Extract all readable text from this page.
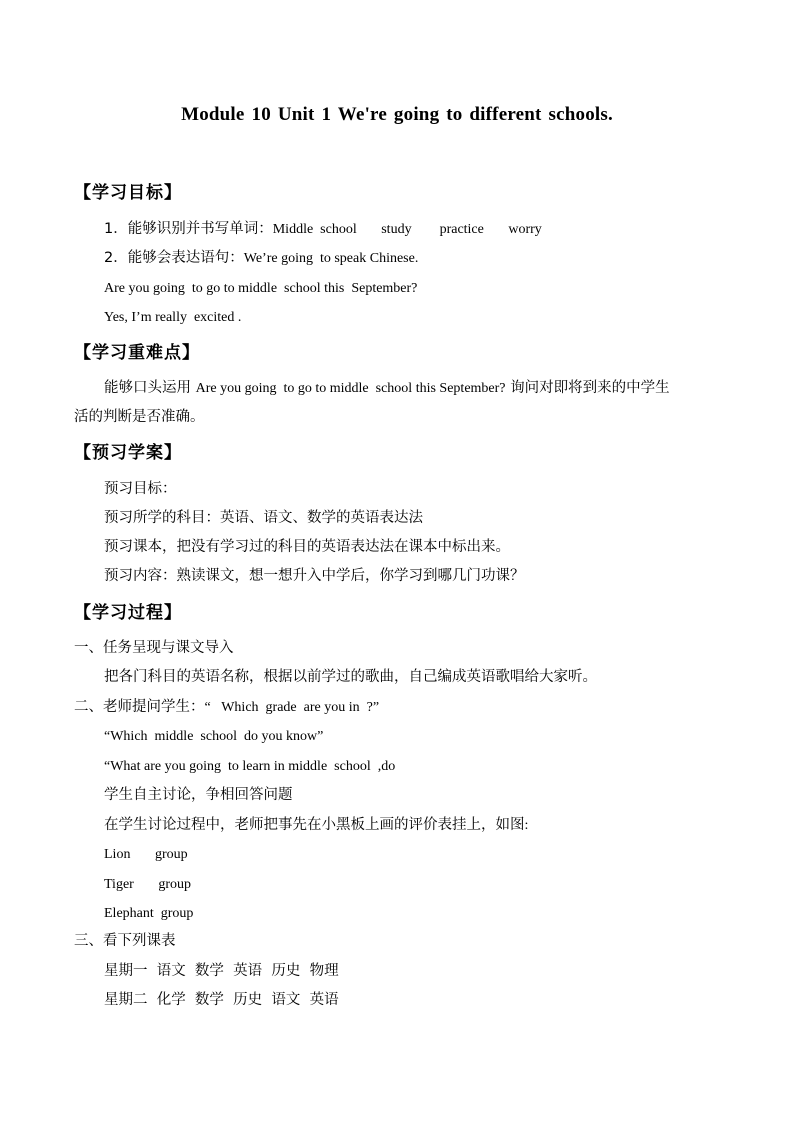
Module 10 Unit 1 We're going to different schools.
【学习目标】
1．能够识别并书写单词：Middle  school       study        practice       worry
2．能够会表达语句：We’re going  to speak Chinese.
Are you going  to go to middle  school this  September?
Yes, I’m really  excited .
【学习重难点】
能够口头运用 Are you going  to go to middle  school this September? 询问对即将到来的中学生
活的判断是否准确。
【预习学案】
预习目标：
预习所学的科目：英语、语文、数学的英语表达法
预习课本，把没有学习过的科目的英语表达法在课本中标出来。
预习内容：熟读课文，想一想升入中学后，你学习到哪几门功课？
【学习过程】
一、任务呈现与课文导入
把各门科目的英语名称，根据以前学过的歌曲，自己编成英语歌唱给大家听。
二、老师提问学生：“   Which  grade  are you in  ?”
“Which  middle  school  do you know”
“What are you going  to learn in middle  school  ,do
学生自主讨论，争相回答问题
在学生讨论过程中，老师把事先在小黑板上画的评价表挂上，如图:
Lion       group
Tiger       group
Elephant  group
三、看下列课表
星期一  语文  数学  英语  历史  物理
星期二  化学  数学  历史  语文  英语
